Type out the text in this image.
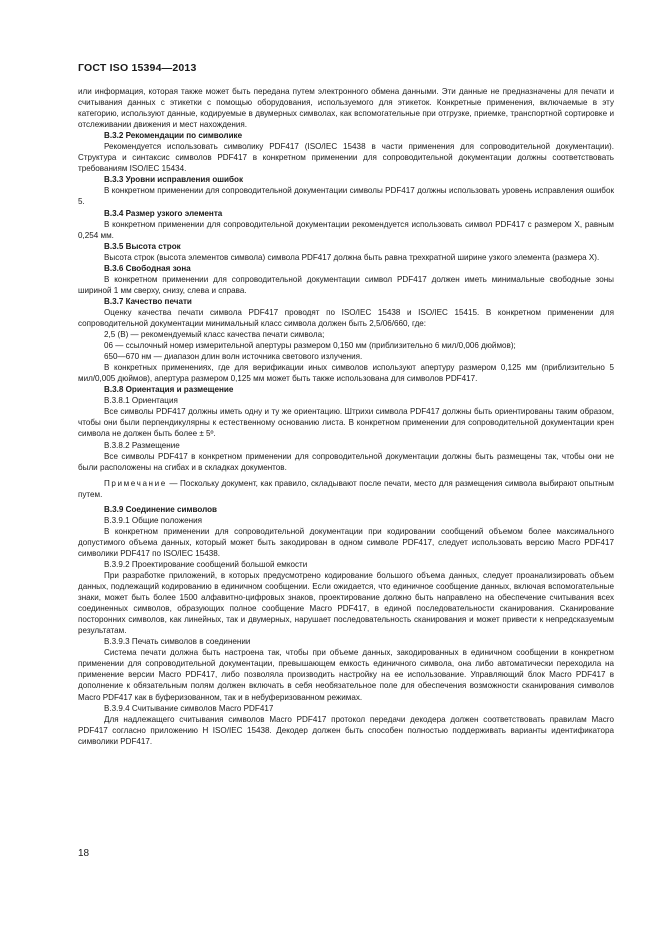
ГОСТ ISO 15394—2013
или информация, которая также может быть передана путем электронного обмена данными. Эти данные не предназначены для печати и считывания данных с этикетки с помощью оборудования, используемого для этикеток. Конкретные применения, включаемые в эту категорию, используют данные, кодируемые в двумерных символах, как вспомогательные при отгрузке, приемке, транспортной сортировке и отслеживании движения и мест нахождения.
В.3.2 Рекомендации по символике
Рекомендуется использовать символику PDF417 (ISO/IEC 15438 в части применения для сопроводительной документации). Структура и синтаксис символов PDF417 в конкретном применении для сопроводительной документации должны соответствовать требованиям ISO/IEC 15434.
В.3.3 Уровни исправления ошибок
В конкретном применении для сопроводительной документации символы PDF417 должны использовать уровень исправления ошибок 5.
В.3.4 Размер узкого элемента
В конкретном применении для сопроводительной документации рекомендуется использовать символ PDF417 с размером X, равным 0,254 мм.
В.3.5 Высота строк
Высота строк (высота элементов символа) символа PDF417 должна быть равна трехкратной ширине узкого элемента (размера X).
В.3.6 Свободная зона
В конкретном применении для сопроводительной документации символ PDF417 должен иметь минимальные свободные зоны шириной 1 мм сверху, снизу, слева и справа.
В.3.7 Качество печати
Оценку качества печати символа PDF417 проводят по ISO/IEC 15438 и ISO/IEC 15415. В конкретном применении для сопроводительной документации минимальный класс символа должен быть 2,5/06/660, где:
2,5 (В) — рекомендуемый класс качества печати символа;
06 — ссылочный номер измерительной апертуры размером 0,150 мм (приблизительно 6 мил/0,006 дюймов);
650—670 нм — диапазон длин волн источника светового излучения.
В конкретных применениях, где для верификации иных символов используют апертуру размером 0,125 мм (приблизительно 5 мил/0,005 дюймов), апертура размером 0,125 мм может быть также использована для символов PDF417.
В.3.8 Ориентация и размещение
В.3.8.1 Ориентация
Все символы PDF417 должны иметь одну и ту же ориентацию. Штрихи символа PDF417 должны быть ориентированы таким образом, чтобы они были перпендикулярны к естественному основанию листа. В конкретном применении для сопроводительной документации крен символа не должен быть более ± 5º.
В.3.8.2 Размещение
Все символы PDF417 в конкретном применении для сопроводительной документации должны быть размещены так, чтобы они не были расположены на сгибах и в складках документов.
Примечание — Поскольку документ, как правило, складывают после печати, место для размещения символа выбирают опытным путем.
В.3.9 Соединение символов
В.3.9.1 Общие положения
В конкретном применении для сопроводительной документации при кодировании сообщений объемом более максимального допустимого объема данных, который может быть закодирован в одном символе PDF417, следует использовать версию Macro PDF417 символики PDF417 по ISO/IEC 15438.
В.3.9.2 Проектирование сообщений большой емкости
При разработке приложений, в которых предусмотрено кодирование большого объема данных, следует проанализировать объем данных, подлежащий кодированию в единичном сообщении. Если ожидается, что единичное сообщение данных, включая вспомогательные знаки, может быть более 1500 алфавитно-цифровых знаков, проектирование должно быть направлено на обеспечение считывания всех соединенных символов, образующих полное сообщение Macro PDF417, в единой последовательности сканирования. Сканирование посторонних символов, как линейных, так и двумерных, нарушает последовательность сканирования и может привести к непредсказуемым результатам.
В.3.9.3 Печать символов в соединении
Система печати должна быть настроена так, чтобы при объеме данных, закодированных в единичном сообщении в конкретном применении для сопроводительной документации, превышающем емкость единичного символа, она либо автоматически переходила на применение версии Macro PDF417, либо позволяла производить настройку на ее использование. Управляющий блок Macro PDF417 в дополнение к обязательным полям должен включать в себя необязательное поле для обеспечения возможности сканирования символов Macro PDF417 как в буферизованном, так и в небуферизованном режимах.
В.3.9.4 Считывание символов Macro PDF417
Для надлежащего считывания символов Macro PDF417 протокол передачи декодера должен соответствовать правилам Macro PDF417 согласно приложению Н ISO/IEC 15438. Декодер должен быть способен полностью поддерживать варианты идентификатора символики PDF417.
18
